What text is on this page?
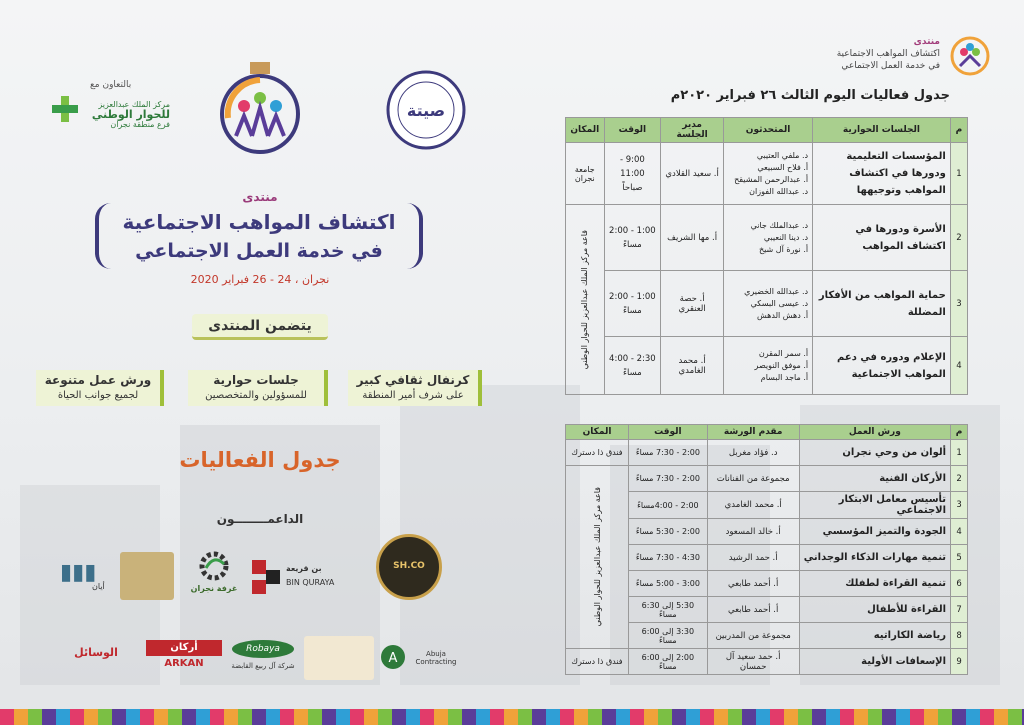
منتدى
اكتشاف المواهب الاجتماعية
في خدمة العمل الاجتماعي
جدول فعاليات اليوم الثالث ٢٦ فبراير ٢٠٢٠م
م	الجلسات الحوارية	المتحدثون	مدير الجلسة	الوقت	المكان
1	المؤسسات التعليمية ودورها في اكتشاف المواهب وتوجيهها	د. ملفي العتيبي
أ. فلاح السبيعي
أ. عبدالرحمن المشيقح
د. عبدالله الفوزان	أ. سعيد القلادي	9:00 - 11:00
صباحاً	جامعة نجران
2	الأسرة ودورها في اكتشاف المواهب	د. عبدالملك جاني
د. دينا النعيبي
أ. نورة آل شيخ	أ. مها الشريف	1:00 - 2:00
مساءً	قاعة مركز الملك عبدالعزيز للحوار الوطني

3	حماية المواهب من الأفكار المضللة	د. عبدالله الخضيري
د. عيسى البسكي
أ. دهش الدهش	أ. حصة العنقري	1:00 - 2:00
مساءً	

4	الإعلام ودوره في دعم المواهب الاجتماعية	أ. سمر المقرن
أ. موفق النويصر
أ. ماجد البسام	أ. محمد الغامدي	2:30 - 4:00
مساءً	
م	ورش العمل	مقدم الورشة	الوقت	المكان
1	ألوان من وحي نجران	د. فؤاد مغربل	2:00 - 7:30 مساءً	فندق ذا دسترك
2	الأركان الفنية	مجموعة من الفنانات	2:00 - 7:30 مساءً	قاعة مركز الملك عبدالعزيز للحوار الوطني

3	تأسيس معامل الابتكار الاجتماعي	أ. محمد الغامدي	2:00 - 4:00مساءً	
4	الجودة والتميز المؤسسي	أ. خالد المسعود	2:00 - 5:30 مساءً	
5	تنمية مهارات الذكاء الوجداني	أ. حمد الرشيد	4:30 - 7:30 مساءً	
6	تنمية القراءة لطفلك	أ. أحمد طابعي	3:00 - 5:00 مساءً	
7	القراءة للأطفال	أ. أحمد طابعي	5:30 إلى 6:30 مساءً	
8	رياضة الكاراتيه	مجموعة من المدربين	3:30 إلى 6:00 مساءً	
9	الإسعافات الأولية	أ. حمد سعيد آل حمسان	2:00 إلى 6:00 مساءً	فندق ذا دسترك
بالتعاون مع
مركز الملك عبدالعزيز
للحوار الوطني
فرع منطقة نجران
صيتة
منتدى
اكتشاف المواهب الاجتماعية
في خدمة العمل الاجتماعي
نجران ، 24 - 26 فبراير 2020
يتضمن المنتدى
كرنفال ثقافي كبير
على شرف أمير المنطقة
جلسات حوارية
للمسؤولين والمتخصصين
ورش عمل متنوعة
لجميع جوانب الحياة
جدول الفعاليات
الداعمــــــــون
SH.CO
بن قريعة
BIN QURAYA
غرفة نجران
▮▮▮
أيان
A	Abuja Contracting
Robaya
شركة آل ربيع القابضة
أركان
ARKAN
الوسائل
